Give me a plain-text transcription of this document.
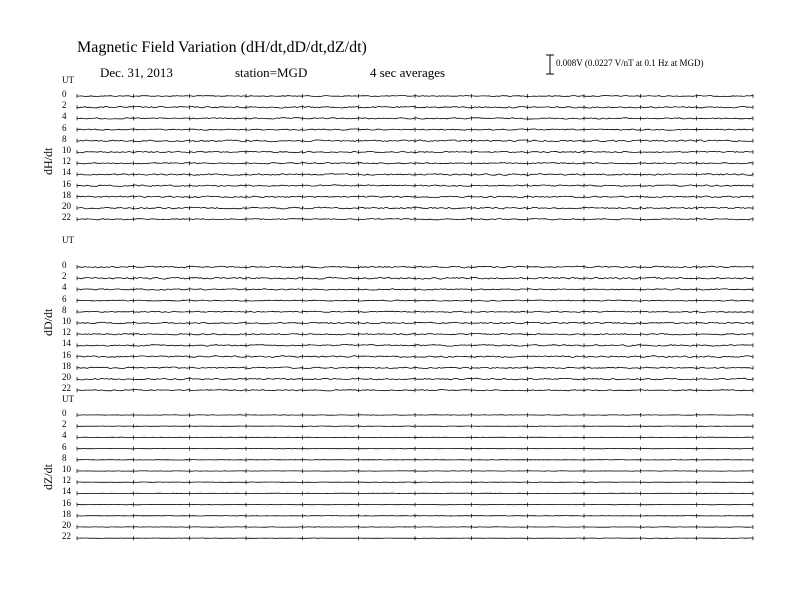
Magnetic Field Variation (dH/dt,dD/dt,dZ/dt)
Dec. 31, 2013	station=MGD	4 sec averages
0.008V (0.0227 V/nT at 0.1 Hz at MGD)
UT
dH/dt
0
2
4
6
8
10
12
14
16
18
20
22
UT
dD/dt
0
2
4
6
8
10
12
14
16
18
20
22
UT
dZ/dt
0
2
4
6
8
10
12
14
16
18
20
22
